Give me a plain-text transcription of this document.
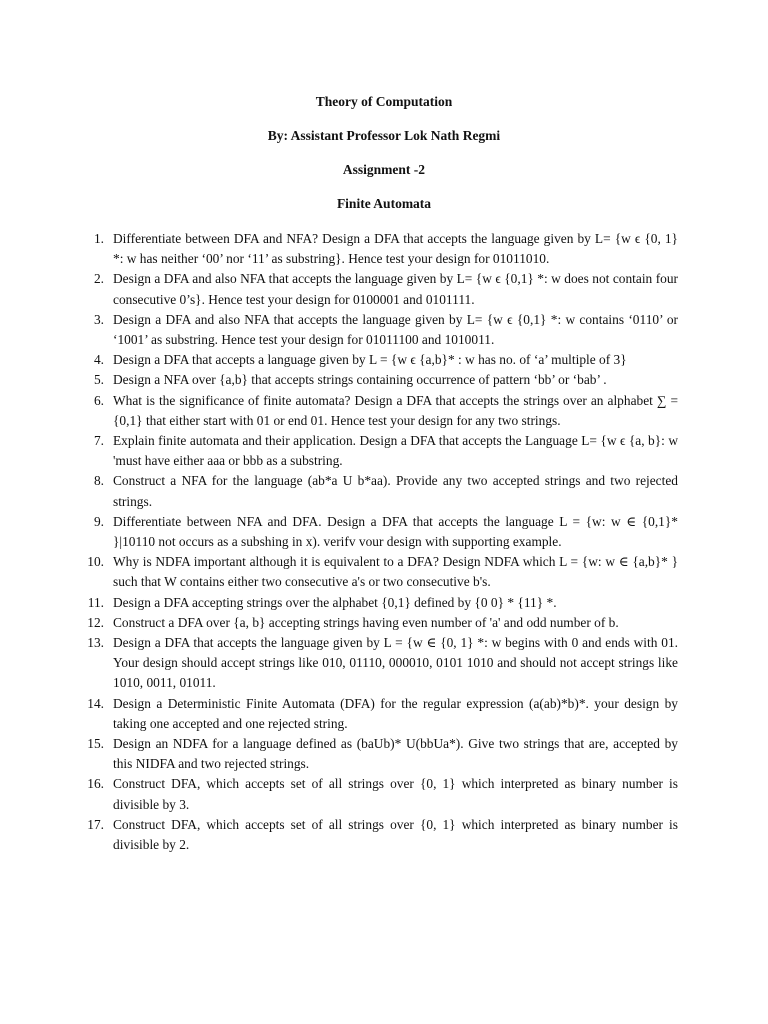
Theory of Computation
By: Assistant Professor Lok Nath Regmi
Assignment -2
Finite Automata
1. Differentiate between DFA and NFA? Design a DFA that accepts the language given by L= {w ϵ {0, 1} *: w has neither ‘00’ nor ‘11’ as substring}. Hence test your design for 01011010.
2. Design a DFA and also NFA that accepts the language given by L= {w ϵ {0,1} *: w does not contain four consecutive 0’s}. Hence test your design for 0100001 and 0101111.
3. Design a DFA and also NFA that accepts the language given by L= {w ϵ {0,1} *: w contains ‘0110’ or ‘1001’ as substring. Hence test your design for 01011100 and 1010011.
4. Design a DFA that accepts a language given by L = {w ϵ {a,b}* : w has no. of ‘a’ multiple of 3}
5. Design a NFA over {a,b} that accepts strings containing occurrence of pattern ‘bb’ or ‘bab’ .
6. What is the significance of finite automata? Design a DFA that accepts the strings over an alphabet ∑ = {0,1} that either start with 01 or end 01. Hence test your design for any two strings.
7. Explain finite automata and their application. Design a DFA that accepts the Language L= {w ϵ {a, b}: w 'must have either aaa or bbb as a substring.
8. Construct a NFA for the language (ab*a U b*aa). Provide any two accepted strings and two rejected strings.
9. Differentiate between NFA and DFA. Design a DFA that accepts the language L = {w: w ∈ {0,1}* }|10110 not occurs as a subshing in x). verifv vour design with supporting example.
10. Why is NDFA important although it is equivalent to a DFA? Design NDFA which L = {w: w ∈ {a,b}* } such that W contains either two consecutive a's or two consecutive b's.
11. Design a DFA accepting strings over the alphabet {0,1} defined by {0 0} * {11} *.
12. Construct a DFA over {a, b} accepting strings having even number of 'a' and odd number of b.
13. Design a DFA that accepts the language given by L = {w ∈ {0, 1} *: w begins with 0 and ends with 01. Your design should accept strings like 010, 01110, 000010, 0101 1010 and should not accept strings like 1010, 0011, 01011.
14. Design a Deterministic Finite Automata (DFA) for the regular expression (a(ab)*b)*. your design by taking one accepted and one rejected string.
15. Design an NDFA for a language defined as (baUb)* U(bbUa*). Give two strings that are, accepted by this NIDFA and two rejected strings.
16. Construct DFA, which accepts set of all strings over {0, 1} which interpreted as binary number is divisible by 3.
17. Construct DFA, which accepts set of all strings over {0, 1} which interpreted as binary number is divisible by 2.
